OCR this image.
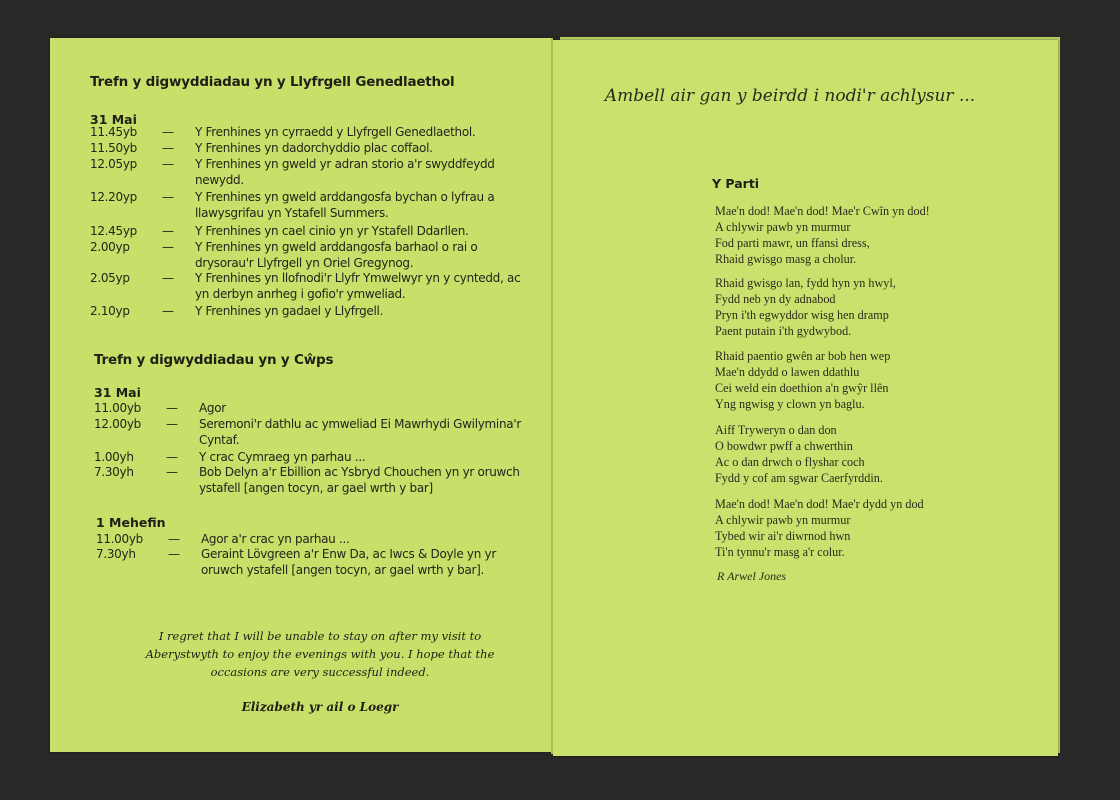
Trefn y digwyddiadau yn y Llyfrgell Genedlaethol
31 Mai
11.45yb	—	Y Frenhines yn cyrraedd y Llyfrgell Genedlaethol.
11.50yb	—	Y Frenhines yn dadorchyddio plac coffaol.
12.05yp	—	Y Frenhines yn gweld yr adran storio a'r swyddfeydd newydd.
12.20yp	—	Y Frenhines yn gweld arddangosfa bychan o lyfrau a llawysgrifau yn Ystafell Summers.
12.45yp	—	Y Frenhines yn cael cinio yn yr Ystafell Ddarllen.
2.00yp	—	Y Frenhines yn gweld arddangosfa barhaol o rai o drysorau'r Llyfrgell yn Oriel Gregynog.
2.05yp	—	Y Frenhines yn llofnodi'r Llyfr Ymwelwyr yn y cyntedd, ac yn derbyn anrheg i gofio'r ymweliad.
2.10yp	—	Y Frenhines yn gadael y Llyfrgell.
Trefn y digwyddiadau yn y Cŵps
31 Mai
11.00yb	—	Agor
12.00yb	—	Seremoni'r dathlu ac ymweliad Ei Mawrhydi Gwilymina'r Cyntaf.
1.00yh	—	Y crac Cymraeg yn parhau ...
7.30yh	—	Bob Delyn a'r Ebillion ac Ysbryd Chouchen yn yr oruwch ystafell [angen tocyn, ar gael wrth y bar]
1 Mehefin
11.00yb	—	Agor a'r crac yn parhau ...
7.30yh	—	Geraint Lövgreen a'r Enw Da, ac Iwcs & Doyle yn yr oruwch ystafell [angen tocyn, ar gael wrth y bar].
I regret that I will be unable to stay on after my visit to Aberystwyth to enjoy the evenings with you. I hope that the occasions are very successful indeed.
Elizabeth yr ail o Loegr
Ambell air gan y beirdd i nodi'r achlysur ...
Y Parti
Mae'n dod! Mae'n dod! Mae'r Cwîn yn dod!
A chlywir pawb yn murmur
Fod parti mawr, un ffansi dress,
Rhaid gwisgo masg a cholur.
Rhaid gwisgo lan, fydd hyn yn hwyl,
Fydd neb yn dy adnabod
Pryn i'th egwyddor wisg hen dramp
Paent putain i'th gydwybod.
Rhaid paentio gwên ar bob hen wep
Mae'n ddydd o lawen ddathlu
Cei weld ein doethion a'n gwŷr llên
Yng ngwisg y clown yn baglu.
Aiff Tryweryn o dan don
O bowdwr pwff a chwerthin
Ac o dan drwch o flyshar coch
Fydd y cof am sgwar Caerfyrddin.
Mae'n dod! Mae'n dod! Mae'r dydd yn dod
A chlywir pawb yn murmur
Tybed wir ai'r diwrnod hwn
Ti'n tynnu'r masg a'r colur.
R Arwel Jones
